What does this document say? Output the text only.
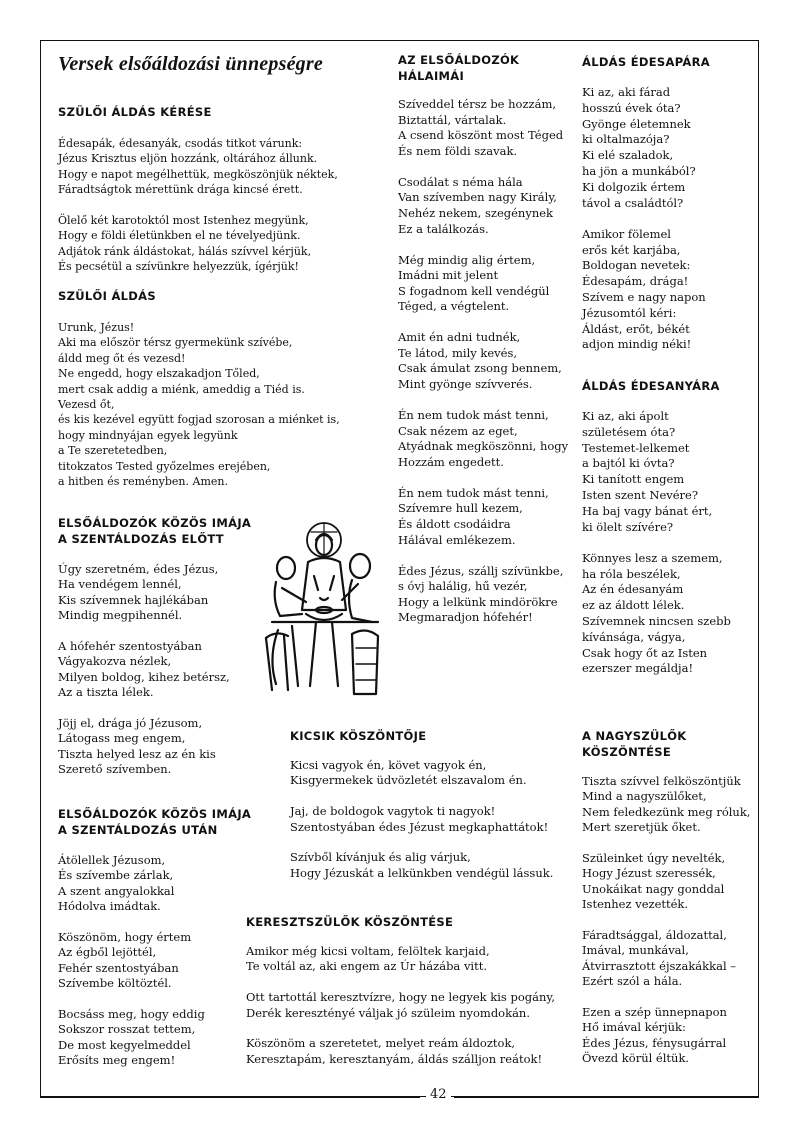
Versek elsőáldozási ünnepségre
SZÜLŐI ÁLDÁS KÉRÉSE
Édesapák, édesanyák, csodás titkot várunk:
Jézus Krisztus eljön hozzánk, oltárához állunk.
Hogy e napot megélhettük, megköszönjük néktek,
Fáradtságtok mérettünk drága kincsé érett.
Ölelő két karotoktól most Istenhez megyünk,
Hogy e földi életünkben el ne tévelyedjünk.
Adjátok ránk áldástokat, hálás szívvel kérjük,
És pecsétül a szívünkre helyezzük, ígérjük!
SZÜLŐI ÁLDÁS
Urunk, Jézus!
Aki ma először térsz gyermekünk szívébe,
áldd meg őt és vezesd!
Ne engedd, hogy elszakadjon Tőled,
mert csak addig a miénk, ameddig a Tiéd is.
Vezesd őt,
és kis kezével együtt fogjad szorosan a miénket is,
hogy mindnyájan egyek legyünk
a Te szeretetedben,
titokzatos Tested győzelmes erejében,
a hitben és reményben. Amen.
ELSŐÁLDOZÓK KÖZÖS IMÁJA
A SZENTÁLDOZÁS ELŐTT
Úgy szeretném, édes Jézus,
Ha vendégem lennél,
Kis szívemnek hajlékában
Mindig megpihennél.
A hófehér szentostyában
Vágyakozva nézlek,
Milyen boldog, kihez betérsz,
Az a tiszta lélek.
Jöjj el, drága jó Jézusom,
Látogass meg engem,
Tiszta helyed lesz az én kis
Szerető szívemben.
ELSŐÁLDOZÓK KÖZÖS IMÁJA
A SZENTÁLDOZÁS UTÁN
Átölellek Jézusom,
És szívembe zárlak,
A szent angyalokkal
Hódolva imádtak.
Köszönöm, hogy értem
Az égből lejöttél,
Fehér szentostyában
Szívembe költöztél.
Bocsáss meg, hogy eddig
Sokszor rosszat tettem,
De most kegyelmeddel
Erősíts meg engem!
AZ ELSŐÁLDOZÓK
HÁLAIMÁI
Szíveddel térsz be hozzám,
Biztattál, vártalak.
A csend köszönt most Téged
És nem földi szavak.
Csodálat s néma hála
Van szívemben nagy Király,
Nehéz nekem, szegénynek
Ez a találkozás.
Még mindig alig értem,
Imádni mit jelent
S fogadnom kell vendégül
Téged, a végtelent.
Amit én adni tudnék,
Te látod, mily kevés,
Csak ámulat zsong bennem,
Mint gyönge szívverés.
Én nem tudok mást tenni,
Csak nézem az eget,
Atyádnak megköszönni, hogy
Hozzám engedett.
Én nem tudok mást tenni,
Szívemre hull kezem,
És áldott csodáidra
Hálával emlékezem.
Édes Jézus, szállj szívünkbe,
s óvj halálig, hű vezér,
Hogy a lelkünk mindörökre
Megmaradjon hófehér!
ÁLDÁS ÉDESAPÁRA
Ki az, aki fárad
hosszú évek óta?
Gyönge életemnek
ki oltalmazója?
Ki elé szaladok,
ha jön a munkából?
Ki dolgozik értem
távol a családtól?
Amikor fölemel
erős két karjába,
Boldogan nevetek:
Édesapám, drága!
Szívem e nagy napon
Jézusomtól kéri:
Áldást, erőt, békét
adjon mindig néki!
ÁLDÁS ÉDESANYÁRA
Ki az, aki ápolt
születésem óta?
Testemet-lelkemet
a bajtól ki óvta?
Ki tanított engem
Isten szent Nevére?
Ha baj vagy bánat ért,
ki ölelt szívére?
Könnyes lesz a szemem,
ha róla beszélek,
Az én édesanyám
ez az áldott lélek.
Szívemnek nincsen szebb
kívánsága, vágya,
Csak hogy őt az Isten
ezerszer megáldja!
KICSIK KÖSZÖNTŐJE
Kicsi vagyok én, követ vagyok én,
Kisgyermekek üdvözletét elszavalom én.
Jaj, de boldogok vagytok ti nagyok!
Szentostyában édes Jézust megkaphattátok!
Szívből kívánjuk és alig várjuk,
Hogy Jézuskát a lelkünkben vendégül lássuk.
KERESZTSZÜLŐK KÖSZÖNTÉSE
Amikor még kicsi voltam, felöltek karjaid,
Te voltál az, aki engem az Úr házába vitt.
Ott tartottál keresztvízre, hogy ne legyek kis pogány,
Derék keresztényé váljak jó szüleim nyomdokán.
Köszönöm a szeretetet, melyet reám áldoztok,
Keresztapám, keresztanyám, áldás szálljon reátok!
A NAGYSZÜLŐK
KÖSZÖNTÉSE
Tiszta szívvel felköszöntjük
Mind a nagyszülőket,
Nem feledkezünk meg róluk,
Mert szeretjük őket.
Szüleinket úgy nevelték,
Hogy Jézust szeressék,
Unokáikat nagy gonddal
Istenhez vezették.
Fáradtsággal, áldozattal,
Imával, munkával,
Átvirrasztott éjszakákkal –
Ezért szól a hála.
Ezen a szép ünnepnapon
Hő imával kérjük:
Édes Jézus, fénysugárral
Övezd körül éltük.
42
